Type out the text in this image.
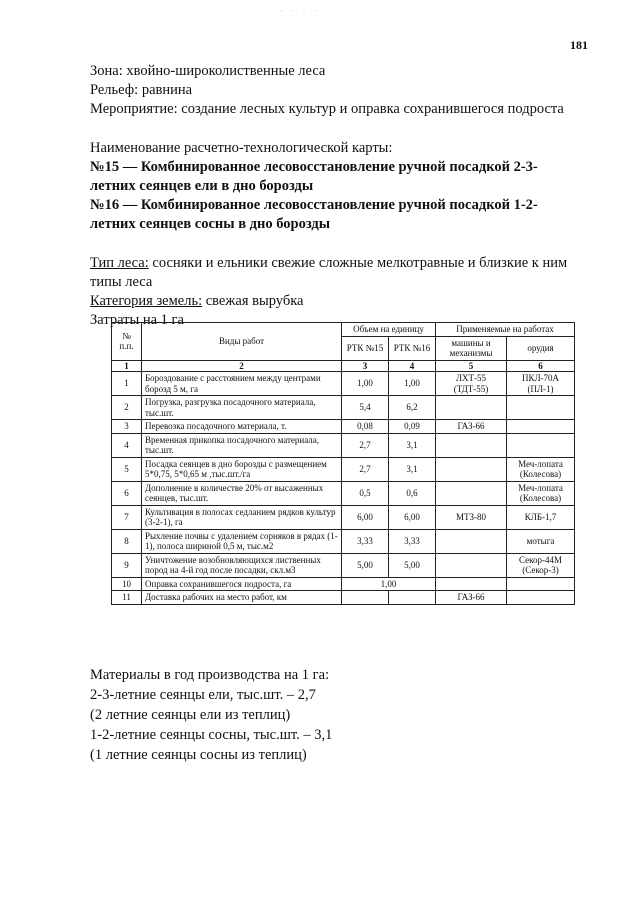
· · · ·
181
Зона: хвойно-широколиственные леса
Рельеф: равнина
Мероприятие: создание лесных культур и оправка сохранившегося подроста
Наименование расчетно-технологической карты:
№15 — Комбинированное лесовосстановление ручной посадкой 2-3-
летних сеянцев ели в дно борозды
№16 — Комбинированное лесовосстановление ручной посадкой 1-2-
летних сеянцев сосны в дно борозды
Тип леса: сосняки и ельники свежие сложные мелкотравные и близкие к ним
типы леса
Категория земель: свежая вырубка
Затраты на 1 га
№ п.п.	Виды работ	Объем на единицу		Применяемые на работах	
		РТК №15	РТК №16	машины и механизмы	орудия
1	2	3	4	5	6
1	Бороздование с расстоянием между центрами борозд 5 м, га	1,00	1,00	ЛХТ-55 (ТДТ-55)	ПКЛ-70А (ПЛ-1)
2	Погрузка, разгрузка посадочного материала, тыс.шт.	5,4	6,2		
3	Перевозка посадочного материала, т.	0,08	0,09	ГАЗ-66	
4	Временная прикопка посадочного материала, тыс.шт.	2,7	3,1		
5	Посадка сеянцев в дно борозды с размещением 5*0,75, 5*0,65 м ,тыс.шт./га	2,7	3,1		Меч-лопата (Колесова)
6	Дополнение в количестве 20% от высаженных сеянцев, тыс.шт.	0,5	0,6		Меч-лопата (Колесова)
7	Культивация в полосах седланием рядков культур (3-2-1), га	6,00	6,00	МТЗ-80	КЛБ-1,7
8	Рыхление почвы с удалением сорняков в рядах (1-1), полоса шириной 0,5 м, тыс.м2	3,33	3,33		мотыга
9	Уничтожение возобновляющихся лиственных пород на 4-й год после посадки, скл.м3	5,00	5,00		Секор-44М (Секор-3)
10	Оправка сохранившегося подроста, га	1,00			
11	Доставка рабочих на место работ, км			ГАЗ-66	
Материалы в год производства на 1 га:
2-3-летние сеянцы ели, тыс.шт. – 2,7
(2 летние сеянцы ели из теплиц)
1-2-летние сеянцы сосны, тыс.шт. – 3,1
(1 летние сеянцы сосны из теплиц)
